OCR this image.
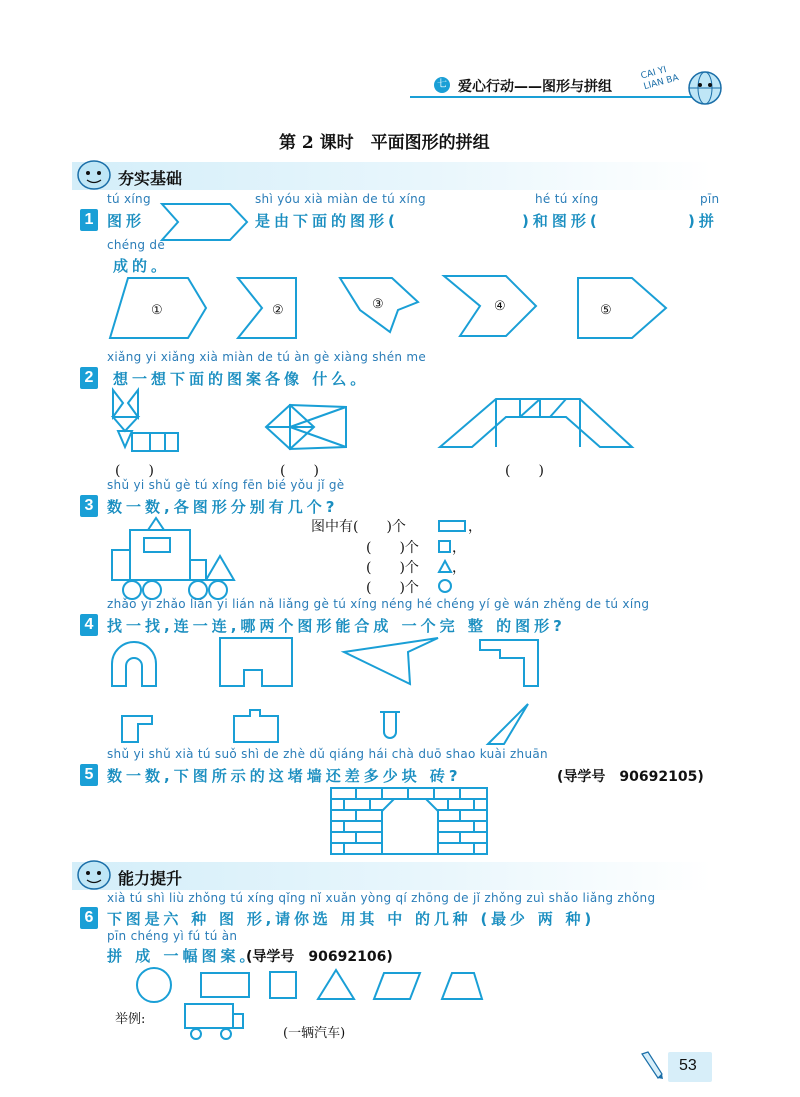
七 爱心行动——图形与拼组
CAI YI LIAN BA
第 2 课时　平面图形的拼组
夯实基础
tú xíng	shì yóu xià miàn de tú xíng	hé tú xíng	pīn
1 图形	是由下面的图形(	)和图形(	)拼
chéng de
成的。
①	②	③	④	⑤
xiǎng yi xiǎng xià miàn de tú àn gè xiàng shén me
2	想一想下面的图案各像 什么。
(　　)	(　　)	(　　)
shǔ yi shǔ gè tú xíng fēn bié yǒu jǐ gè
3 数一数,各图形分别有几个?
图中有(　　)个	，
(　　)个 ，
(　　)个 ，
(　　)个
zhǎo yi zhǎo lián yi lián nǎ liǎng gè tú xíng néng hé chéng yí gè wán zhěng de tú xíng
4 找一找,连一连,哪两个图形能合成 一个完 整 的图形?
shǔ yi shǔ xià tú suǒ shì de zhè dǔ qiáng hái chà duō shao kuài zhuān
5 数一数,下图所示的这堵墙还差多少块 砖?	(导学号　90692105)
能力提升
xià tú shì liù zhǒng tú xíng qǐng nǐ xuǎn yòng qí zhōng de jǐ zhǒng zuì shǎo liǎng zhǒng
6 下图是六 种 图 形,请你选 用其 中 的几种 (最少 两 种)
pīn chéng yì fú tú àn
拼 成 一幅图案。
(导学号　90692106)
举例:
(一辆汽车)
53
